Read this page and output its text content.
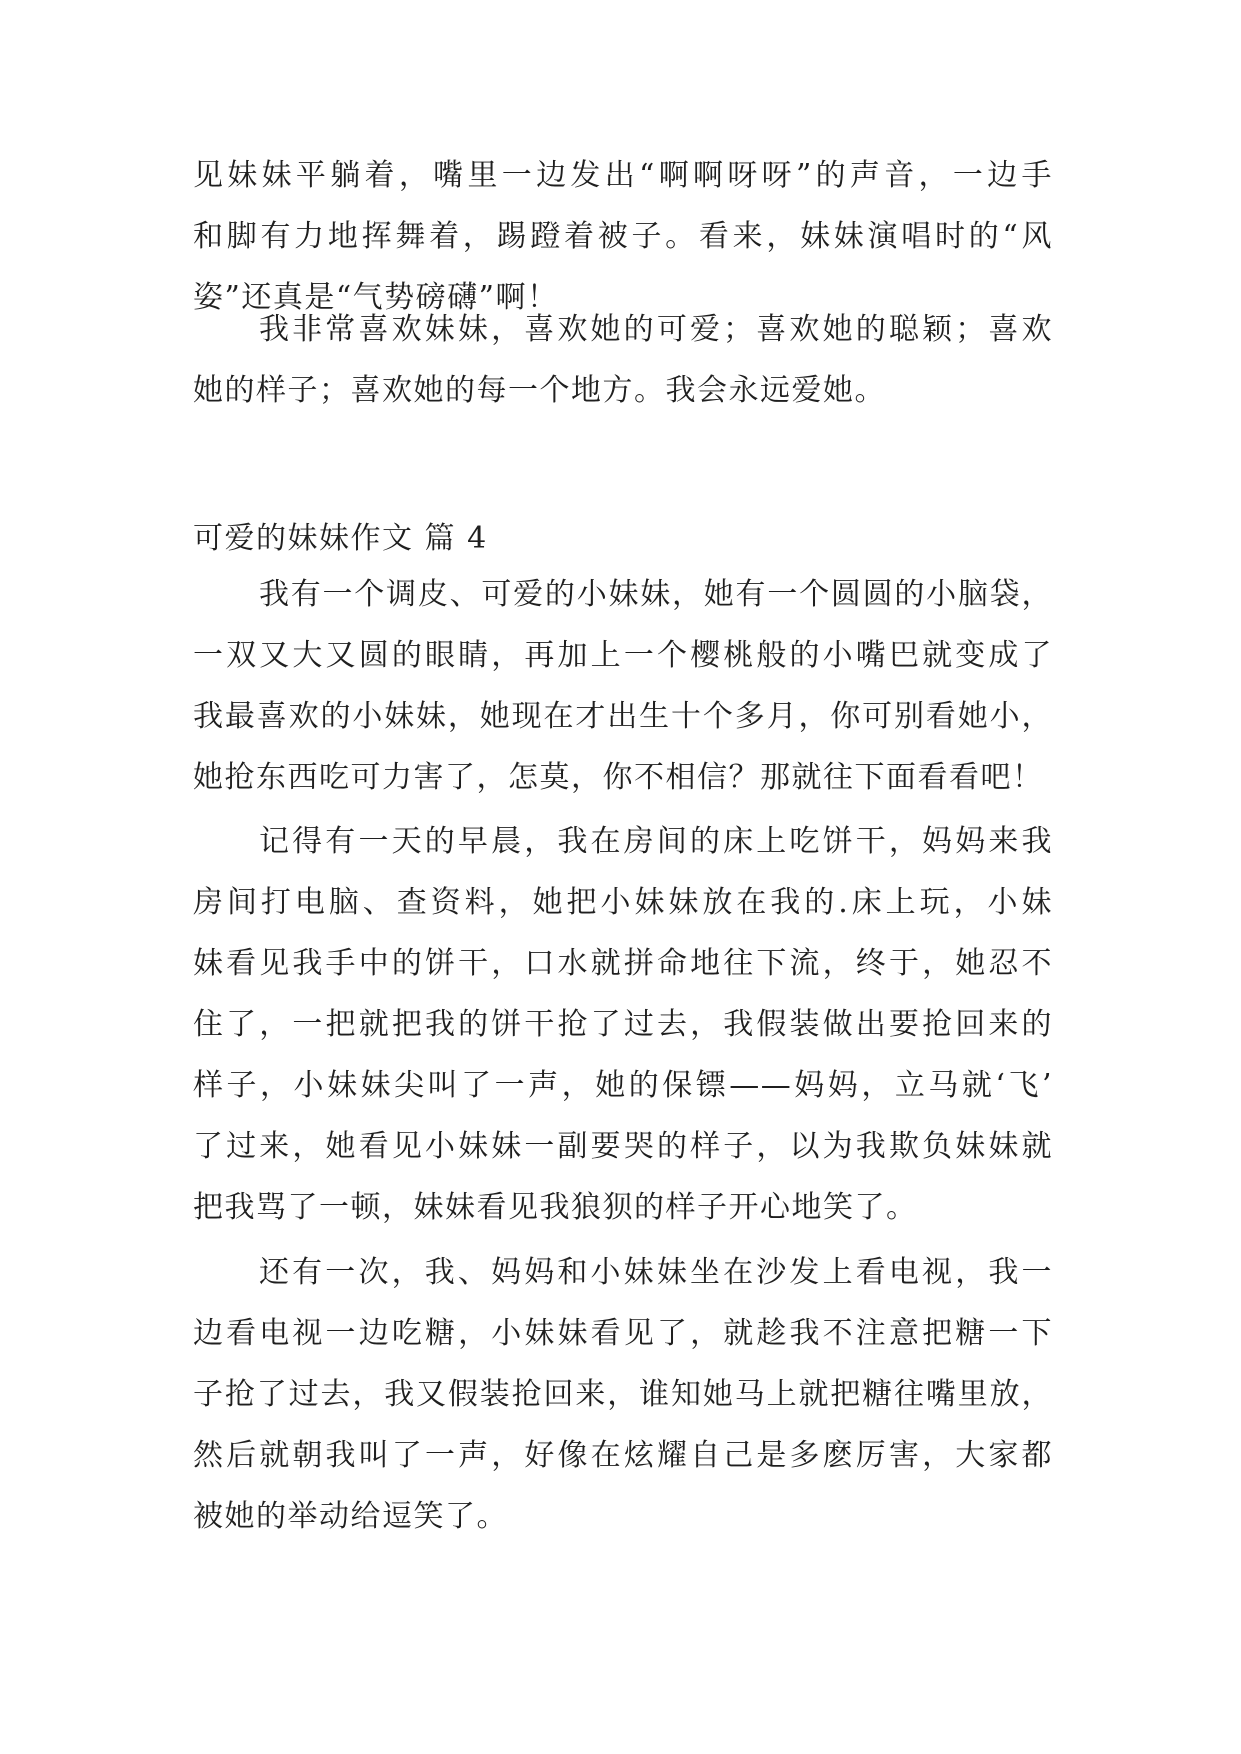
见妹妹平躺着，嘴里一边发出“啊啊呀呀”的声音，一边手
和脚有力地挥舞着，踢蹬着被子。看来，妹妹演唱时的“风
姿”还真是“气势磅礴”啊！
我非常喜欢妹妹，喜欢她的可爱；喜欢她的聪颖；喜欢
她的样子；喜欢她的每一个地方。我会永远爱她。
可爱的妹妹作文 篇 4
我有一个调皮、可爱的小妹妹，她有一个圆圆的小脑袋，
一双又大又圆的眼睛，再加上一个樱桃般的小嘴巴就变成了
我最喜欢的小妹妹，她现在才出生十个多月，你可别看她小，
她抢东西吃可力害了，怎莫，你不相信？那就往下面看看吧！
记得有一天的早晨，我在房间的床上吃饼干，妈妈来我
房间打电脑、查资料，她把小妹妹放在我的.床上玩，小妹
妹看见我手中的饼干，口水就拼命地往下流，终于，她忍不
住了，一把就把我的饼干抢了过去，我假装做出要抢回来的
样子，小妹妹尖叫了一声，她的保镖——妈妈，立马就‘飞’
了过来，她看见小妹妹一副要哭的样子，以为我欺负妹妹就
把我骂了一顿，妹妹看见我狼狈的样子开心地笑了。
还有一次，我、妈妈和小妹妹坐在沙发上看电视，我一
边看电视一边吃糖，小妹妹看见了，就趁我不注意把糖一下
子抢了过去，我又假装抢回来，谁知她马上就把糖往嘴里放，
然后就朝我叫了一声，好像在炫耀自己是多麽厉害，大家都
被她的举动给逗笑了。
